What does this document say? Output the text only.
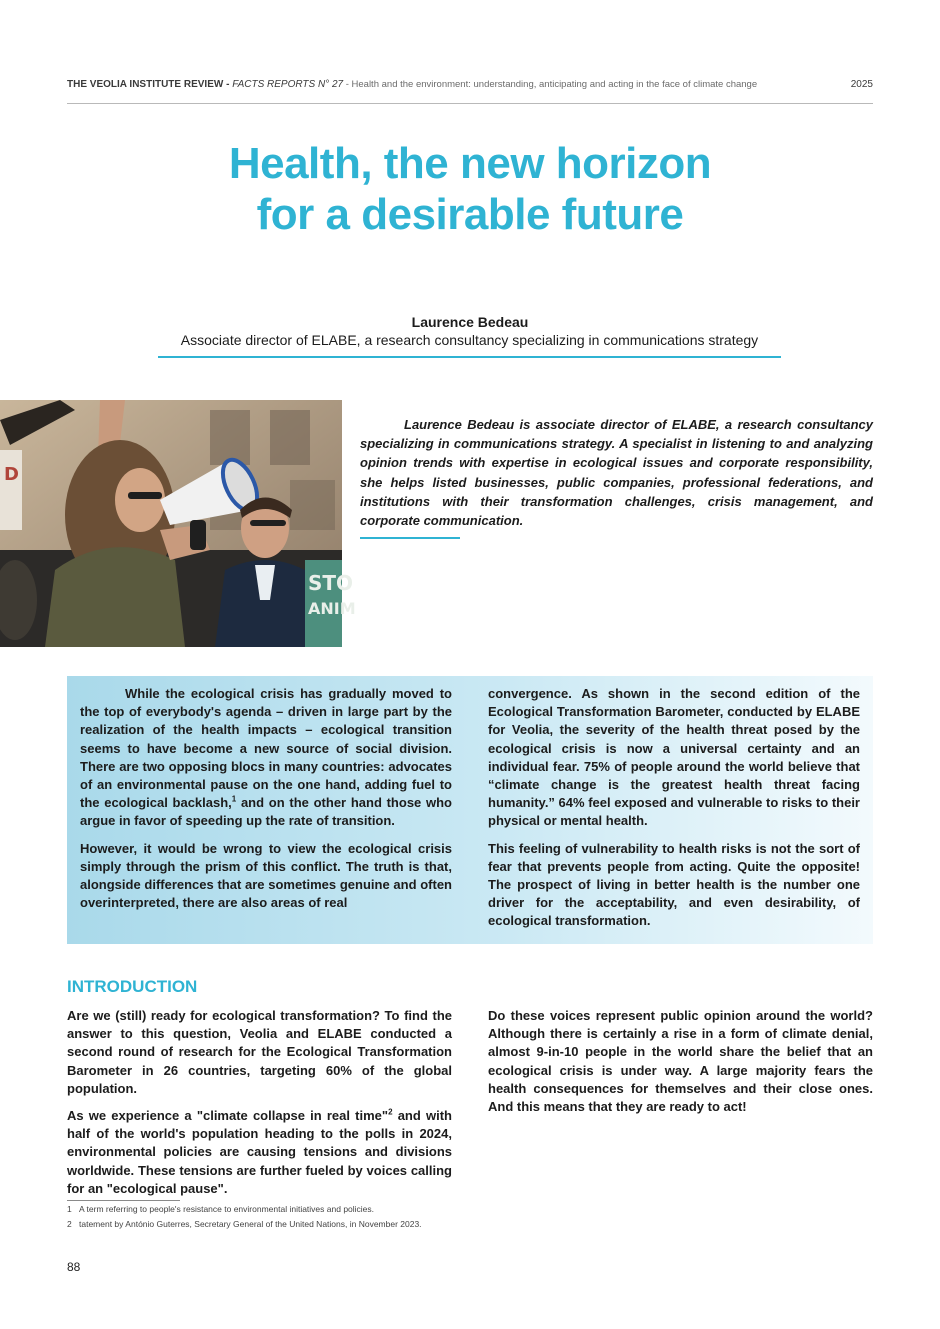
THE VEOLIA INSTITUTE REVIEW - FACTS REPORTS N° 27 - Health and the environment: understanding, anticipating and acting in the face of climate change	2025
Health, the new horizon
for a desirable future
Laurence Bedeau
Associate director of ELABE, a research consultancy specializing in communications strategy
D
STO
ANIM

Laurence Bedeau is associate director of ELABE, a research consultancy specializing in communications strategy. A specialist in listening to and analyzing opinion trends with expertise in ecological issues and corporate responsibility, she helps listed businesses, public companies, professional federations, and institutions with their transformation challenges, crisis management, and corporate communication.

While the ecological crisis has gradually moved to the top of everybody's agenda – driven in large part by the realization of the health impacts – ecological transition seems to have become a new source of social division. There are two opposing blocs in many countries: advocates of an environmental pause on the one hand, adding fuel to the ecological backlash,$^1$ and on the other hand those who argue in favor of speeding up the rate of transition.

However, it would be wrong to view the ecological crisis simply through the prism of this conflict. The truth is that, alongside differences that are sometimes genuine and often overinterpreted, there are also areas of real

convergence. As shown in the second edition of the Ecological Transformation Barometer, conducted by ELABE for Veolia, the severity of the health threat posed by the ecological crisis is now a universal certainty and an individual fear. 75% of people around the world believe that “climate change is the greatest health threat facing humanity.” 64% feel exposed and vulnerable to risks to their physical or mental health.

This feeling of vulnerability to health risks is not the sort of fear that prevents people from acting. Quite the opposite! The prospect of living in better health is the number one driver for the acceptability, and even desirability, of ecological transformation.

INTRODUCTION

Are we (still) ready for ecological transformation? To find the answer to this question, Veolia and ELABE conducted a second round of research for the Ecological Transformation Barometer in 26 countries, targeting 60% of the global population.

As we experience a "climate collapse in real time"$^2$ and with half of the world's population heading to the polls in 2024, environmental policies are causing tensions and divisions worldwide. These tensions are further fueled by voices calling for an "ecological pause".

Do these voices represent public opinion around the world? Although there is certainly a rise in a form of climate denial, almost 9-in-10 people in the world share the belief that an ecological crisis is under way. A large majority fears the health consequences for themselves and their close ones. And this means that they are ready to act!

1 A term referring to people's resistance to environmental initiatives and policies.
2 tatement by António Guterres, Secretary General of the United Nations, in November 2023.
88
